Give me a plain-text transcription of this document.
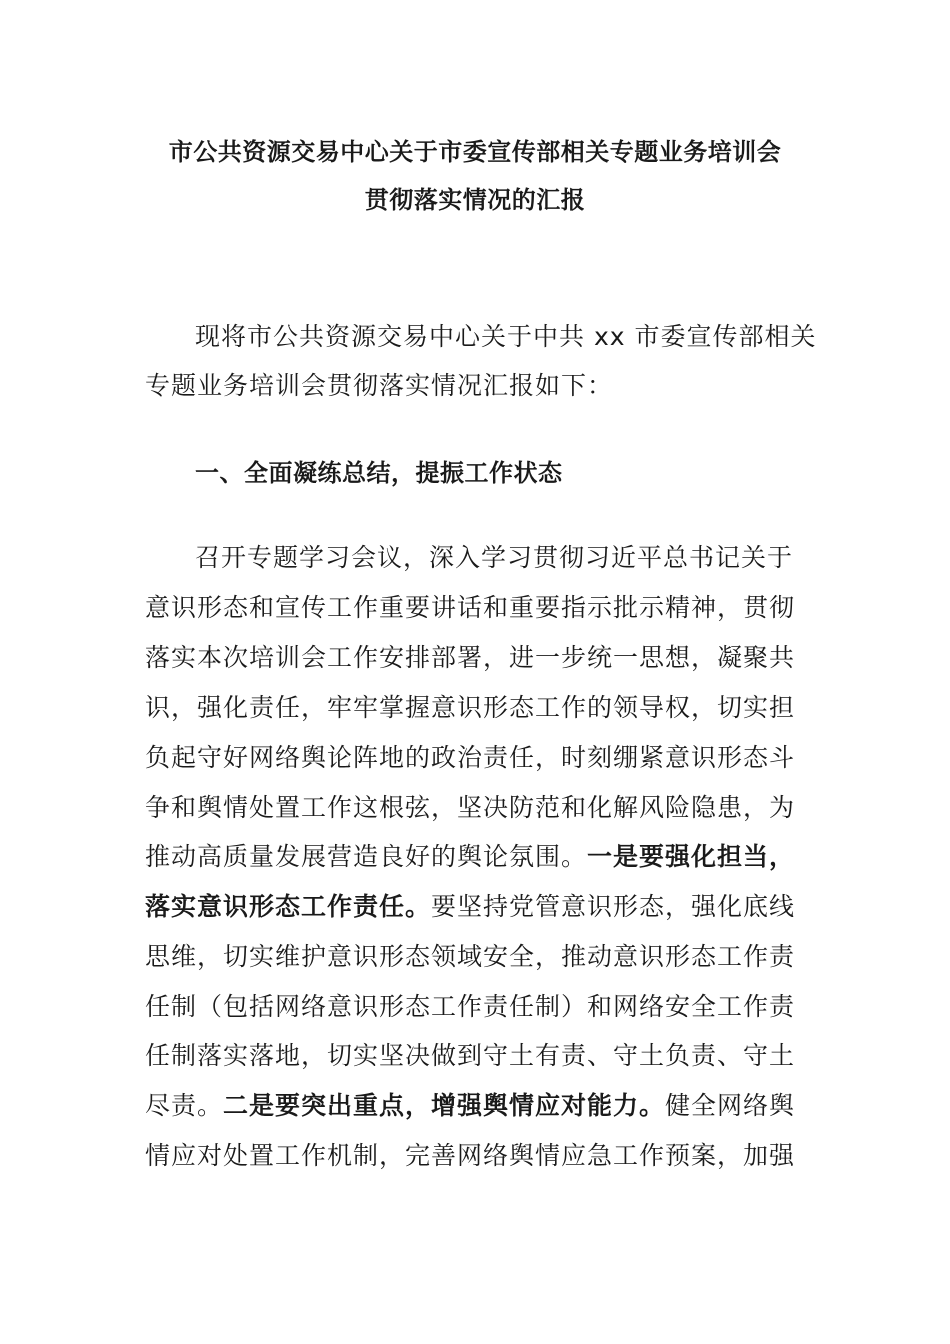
市公共资源交易中心关于市委宣传部相关专题业务培训会
贯彻落实情况的汇报
现将市公共资源交易中心关于中共 xx 市委宣传部相关
专题业务培训会贯彻落实情况汇报如下：
一、全面凝练总结，提振工作状态
召开专题学习会议，深入学习贯彻习近平总书记关于
意识形态和宣传工作重要讲话和重要指示批示精神，贯彻
落实本次培训会工作安排部署，进一步统一思想，凝聚共
识，强化责任，牢牢掌握意识形态工作的领导权，切实担
负起守好网络舆论阵地的政治责任，时刻绷紧意识形态斗
争和舆情处置工作这根弦，坚决防范和化解风险隐患，为
推动高质量发展营造良好的舆论氛围。一是要强化担当，
落实意识形态工作责任。要坚持党管意识形态，强化底线
思维，切实维护意识形态领域安全，推动意识形态工作责
任制（包括网络意识形态工作责任制）和网络安全工作责
任制落实落地，切实坚决做到守土有责、守土负责、守土
尽责。二是要突出重点，增强舆情应对能力。健全网络舆
情应对处置工作机制，完善网络舆情应急工作预案，加强
